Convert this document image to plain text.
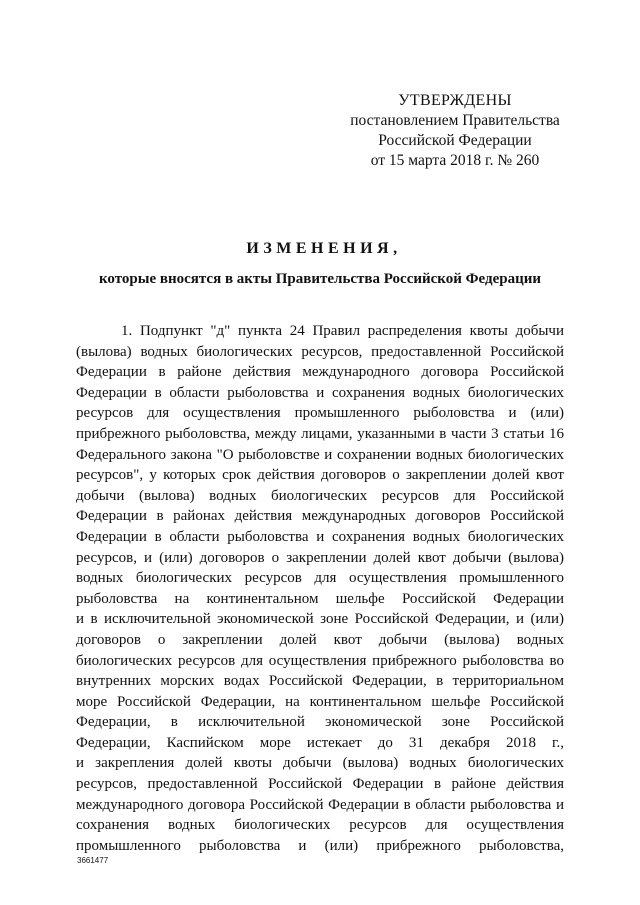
УТВЕРЖДЕНЫ
постановлением Правительства
Российской Федерации
от 15 марта 2018 г. № 260
ИЗМЕНЕНИЯ,
которые вносятся в акты Правительства Российской Федерации
1. Подпункт "д" пункта 24 Правил распределения квоты добычи
(вылова) водных биологических ресурсов, предоставленной Российской
Федерации в районе действия международного договора Российской
Федерации в области рыболовства и сохранения водных биологических
ресурсов для осуществления промышленного рыболовства и (или)
прибрежного рыболовства, между лицами, указанными в части 3 статьи 16
Федерального закона "О рыболовстве и сохранении водных биологических
ресурсов", у которых срок действия договоров о закреплении долей квот
добычи (вылова) водных биологических ресурсов для Российской
Федерации в районах действия международных договоров Российской
Федерации в области рыболовства и сохранения водных биологических
ресурсов, и (или) договоров о закреплении долей квот добычи (вылова)
водных биологических ресурсов для осуществления промышленного
рыболовства на континентальном шельфе Российской Федерации
и в исключительной экономической зоне Российской Федерации, и (или)
договоров о закреплении долей квот добычи (вылова) водных
биологических ресурсов для осуществления прибрежного рыболовства во
внутренних морских водах Российской Федерации, в территориальном
море Российской Федерации, на континентальном шельфе Российской
Федерации, в исключительной экономической зоне Российской
Федерации, Каспийском море истекает до 31 декабря 2018 г.,
и закрепления долей квоты добычи (вылова) водных биологических
ресурсов, предоставленной Российской Федерации в районе действия
международного договора Российской Федерации в области рыболовства и
сохранения водных биологических ресурсов для осуществления
промышленного рыболовства и (или) прибрежного рыболовства,
3661477
